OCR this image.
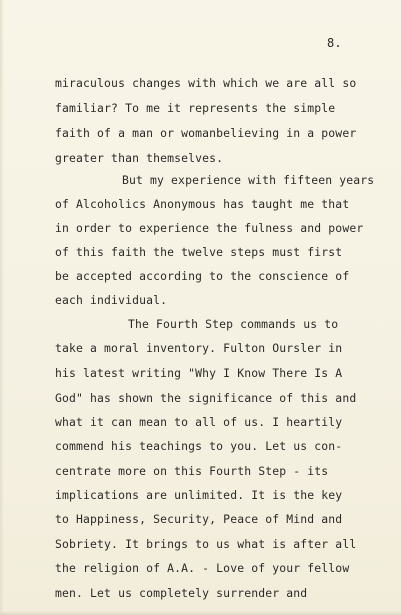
8.
miraculous changes with which we are all so
familiar? To me it represents the simple
faith of a man or womanbelieving in a power
greater than themselves.
But my experience with fifteen years
of Alcoholics Anonymous has taught me that
in order to experience the fulness and power
of this faith the twelve steps must first
be accepted according to the conscience of
each individual.
The Fourth Step commands us to
take a moral inventory. Fulton Oursler in
his latest writing "Why I Know There Is A
God" has shown the significance of this and
what it can mean to all of us. I heartily
commend his teachings to you. Let us con-
centrate more on this Fourth Step - its
implications are unlimited. It is the key
to Happiness, Security, Peace of Mind and
Sobriety. It brings to us what is after all
the religion of A.A. - Love of your fellow
men. Let us completely surrender and
